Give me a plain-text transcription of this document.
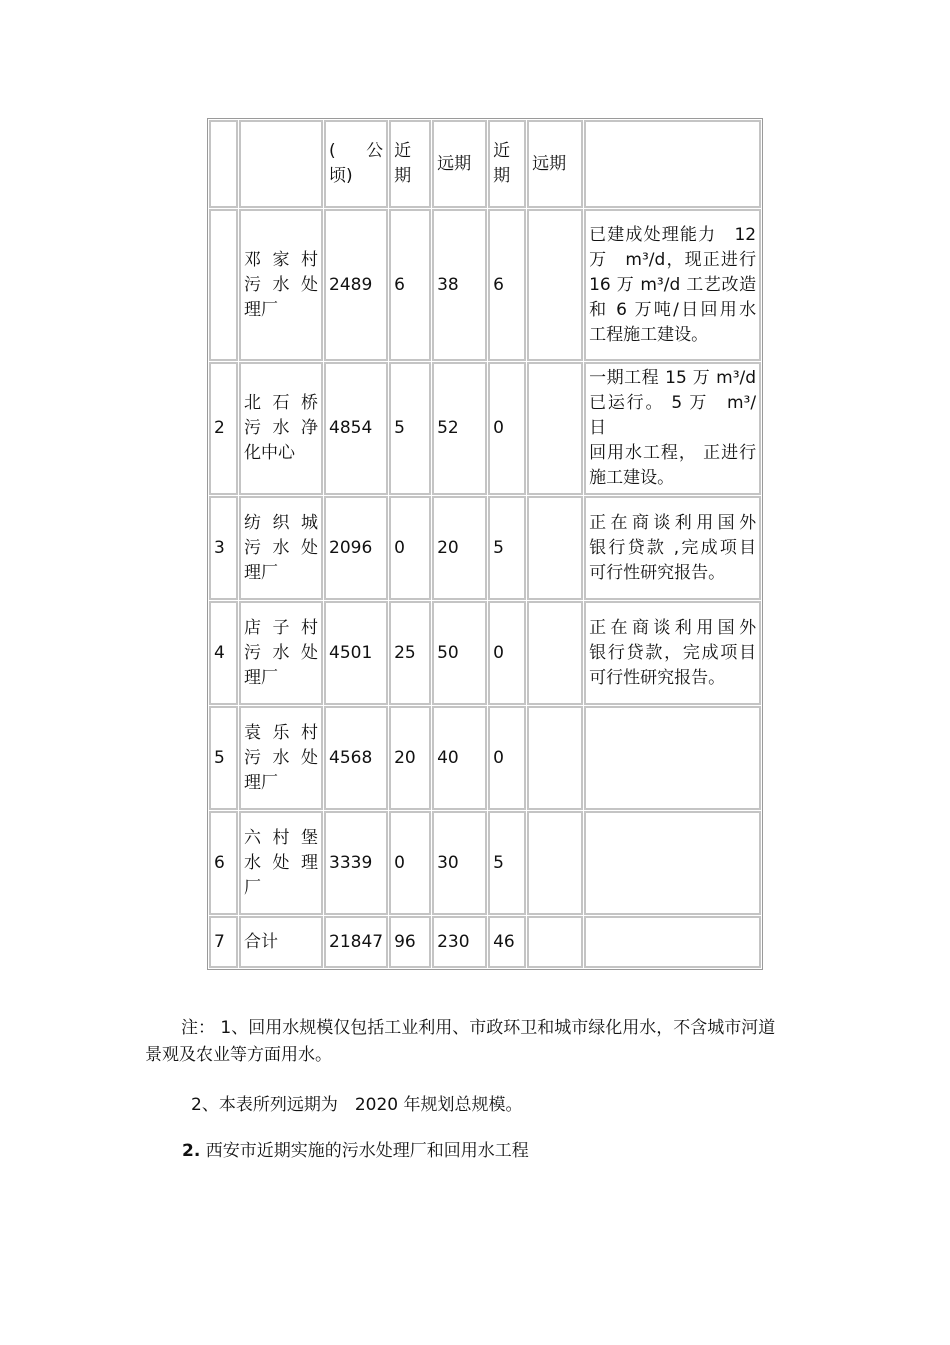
		(　公
顷)	近
期	远期	近
期	远期	

	邓 家 村
污 水 处
理厂	2489	6	38	6		已建成处理能力　12
万　m³/d，现正进行
16 万 m³/d 工艺改造
和 6 万吨/日回用水
工程施工建设。

2	北 石 桥
污 水 净
化中心	4854	5	52	0		一期工程 15 万 m³/d
已运行。 5 万　m³/日
回用水工程， 正进行
施工建设。

3	纺 织 城
污 水 处
理厂	2096	0	20	5		正在商谈利用国外
银行贷款 ,完成项目
可行性研究报告。

4	店 子 村
污 水 处
理厂	4501	25	50	0		正在商谈利用国外
银行贷款，完成项目
可行性研究报告。

5	袁 乐 村
污 水 处
理厂	4568	20	40	0		
6	六 村 堡
水 处 理
厂	3339	0	30	5		
7	合计	21847	96	230	46		
注： 1、回用水规模仅包括工业利用、市政环卫和城市绿化用水，不含城市河道景观及农业等方面用水。
2、本表所列远期为　2020 年规划总规模。
2. 西安市近期实施的污水处理厂和回用水工程
